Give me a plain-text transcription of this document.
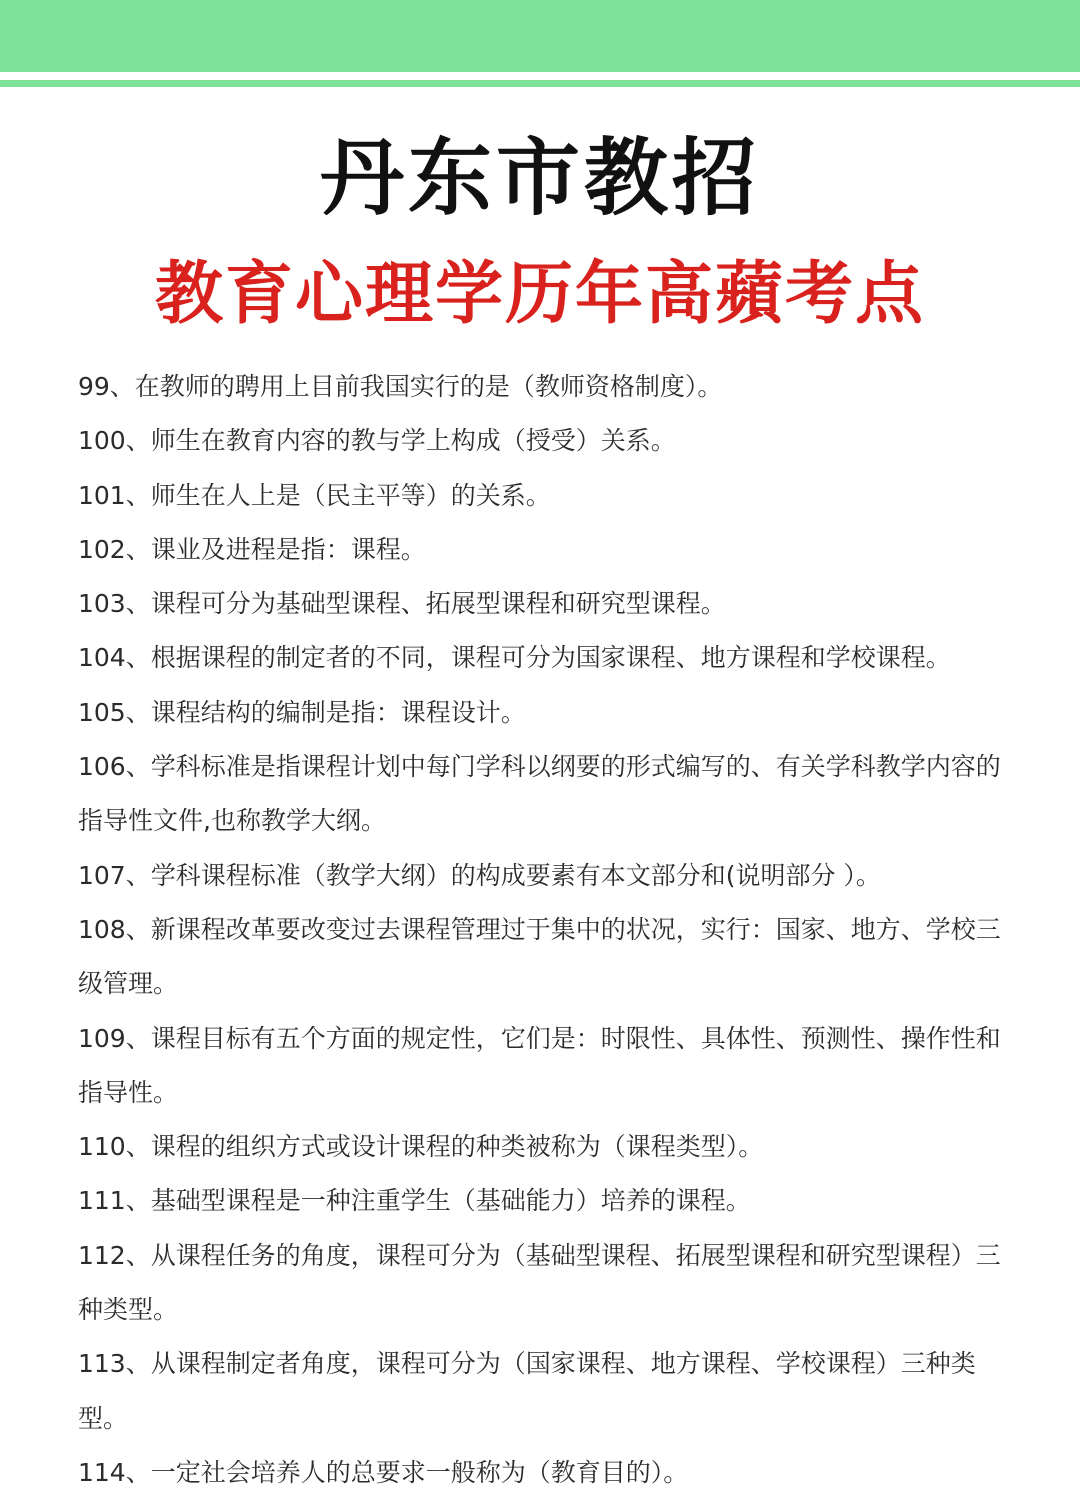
丹东市教招
教育心理学历年高蘋考点
99、在教师的聘用上目前我国实行的是（教师资格制度）。
100、师生在教育内容的教与学上构成（授受）关系。
101、师生在人上是（民主平等）的关系。
102、课业及进程是指：课程。
103、课程可分为基础型课程、拓展型课程和研究型课程。
104、根据课程的制定者的不同，课程可分为国家课程、地方课程和学校课程。
105、课程结构的编制是指：课程设计。
106、学科标准是指课程计划中每门学科以纲要的形式编写的、有关学科教学内容的指导性文件,也称教学大纲。
107、学科课程标准（教学大纲）的构成要素有本文部分和(说明部分 ）。
108、新课程改革要改变过去课程管理过于集中的状况，实行：国家、地方、学校三级管理。
109、课程目标有五个方面的规定性，它们是：时限性、具体性、预测性、操作性和指导性。
110、课程的组织方式或设计课程的种类被称为（课程类型）。
111、基础型课程是一种注重学生（基础能力）培养的课程。
112、从课程任务的角度，课程可分为（基础型课程、拓展型课程和研究型课程）三种类型。
113、从课程制定者角度，课程可分为（国家课程、地方课程、学校课程）三种类型。
114、一定社会培养人的总要求一般称为（教育目的）。
